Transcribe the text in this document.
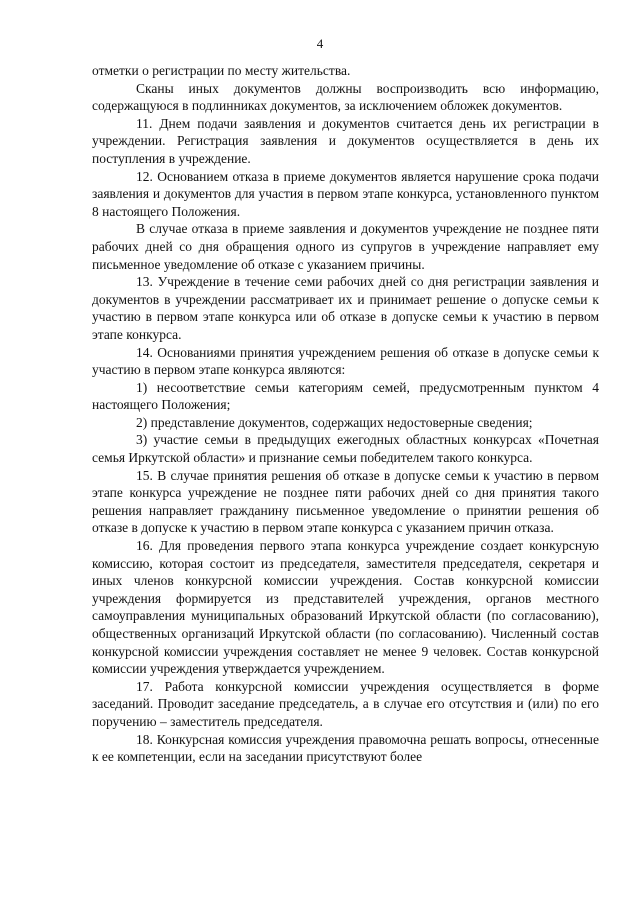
4

отметки о регистрации по месту жительства.

Сканы иных документов должны воспроизводить всю информацию, содержащуюся в подлинниках документов, за исключением обложек документов.

11. Днем подачи заявления и документов считается день их регистрации в учреждении. Регистрация заявления и документов осуществляется в день их поступления в учреждение.

12. Основанием отказа в приеме документов является нарушение срока подачи заявления и документов для участия в первом этапе конкурса, установленного пунктом 8 настоящего Положения.

В случае отказа в приеме заявления и документов учреждение не позднее пяти рабочих дней со дня обращения одного из супругов в учреждение направляет ему письменное уведомление об отказе с указанием причины.

13. Учреждение в течение семи рабочих дней со дня регистрации заявления и документов в учреждении рассматривает их и принимает решение о допуске семьи к участию в первом этапе конкурса или об отказе в допуске семьи к участию в первом этапе конкурса.

14. Основаниями принятия учреждением решения об отказе в допуске семьи к участию в первом этапе конкурса являются:

1) несоответствие семьи категориям семей, предусмотренным пунктом 4 настоящего Положения;

2) представление документов, содержащих недостоверные сведения;

3) участие семьи в предыдущих ежегодных областных конкурсах «Почетная семья Иркутской области» и признание семьи победителем такого конкурса.

15. В случае принятия решения об отказе в допуске семьи к участию в первом этапе конкурса учреждение не позднее пяти рабочих дней со дня принятия такого решения направляет гражданину письменное уведомление о принятии решения об отказе в допуске к участию в первом этапе конкурса с указанием причин отказа.

16. Для проведения первого этапа конкурса учреждение создает конкурсную комиссию, которая состоит из председателя, заместителя председателя, секретаря и иных членов конкурсной комиссии учреждения. Состав конкурсной комиссии учреждения формируется из представителей учреждения, органов местного самоуправления муниципальных образований Иркутской области (по согласованию), общественных организаций Иркутской области (по согласованию). Численный состав конкурсной комиссии учреждения составляет не менее 9 человек. Состав конкурсной комиссии учреждения утверждается учреждением.

17. Работа конкурсной комиссии учреждения осуществляется в форме заседаний. Проводит заседание председатель, а в случае его отсутствия и (или) по его поручению – заместитель председателя.

18. Конкурсная комиссия учреждения правомочна решать вопросы, отнесенные к ее компетенции, если на заседании присутствуют более
